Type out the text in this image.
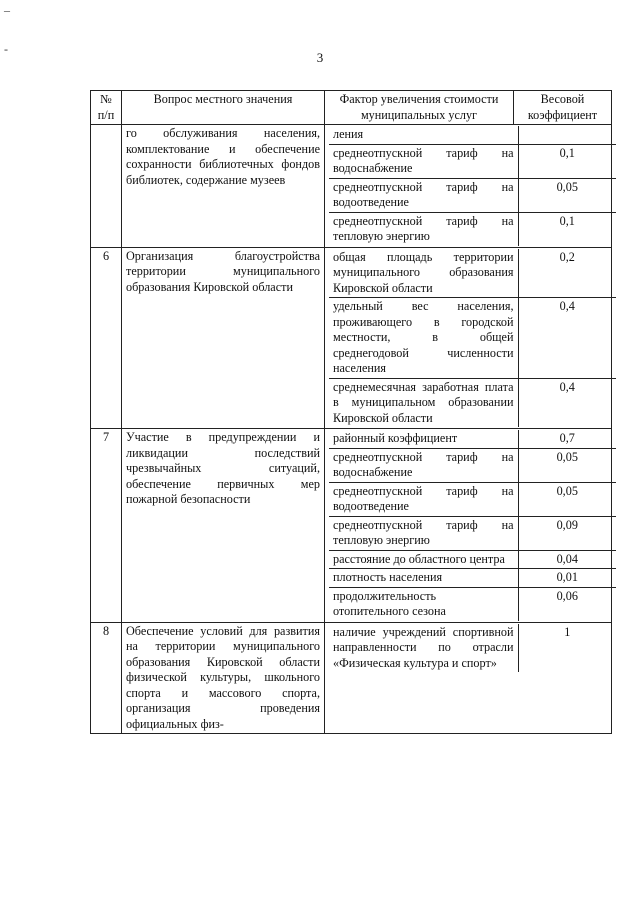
3
–
-
№ п/п	Вопрос местного значения	Фактор увеличения стоимости муниципальных услуг	Весовой коэффициент
	го обслуживания населения, комплектование и обеспечение сохранности библиотечных фондов библиотек, содержание музеев	
ления	
среднеотпускной тариф на водоснабжение	0,1
среднеотпускной тариф на водоотведение	0,05
среднеотпускной тариф на тепловую энергию	0,1

6	Организация благоустройства территории муниципального образования Кировской области	
общая площадь территории муниципального образования Кировской области	0,2
удельный вес населения, проживающего в городской местности, в общей среднегодовой численности населения	0,4
среднемесячная заработная плата в муниципальном образовании Кировской области	0,4

7	Участие в предупреждении и ликвидации последствий чрезвычайных ситуаций, обеспечение первичных мер пожарной безопасности	
районный коэффициент	0,7
среднеотпускной тариф на водоснабжение	0,05
среднеотпускной тариф на водоотведение	0,05
среднеотпускной тариф на тепловую энергию	0,09
расстояние до областного центра	0,04
плотность населения	0,01
продолжительность отопительного сезона	0,06

8	Обеспечение условий для развития на территории муниципального образования Кировской области физической культуры, школьного спорта и массового спорта, организация проведения официальных физ-	
наличие учреждений спортивной направленности по отрасли «Физическая культура и спорт»	1
